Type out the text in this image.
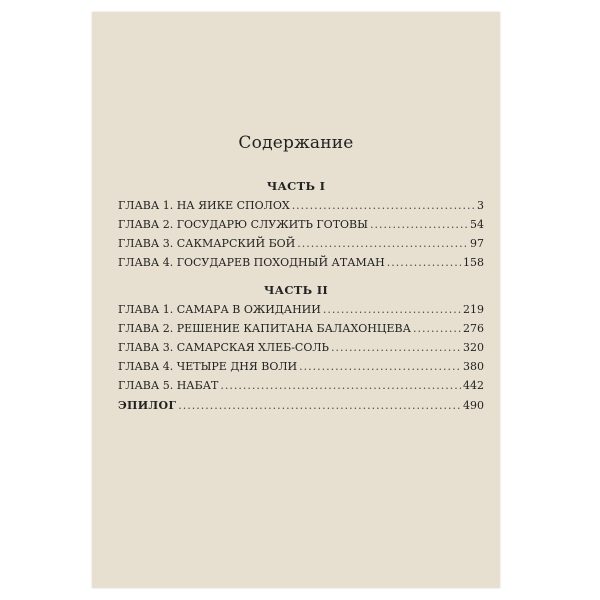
Содержание
ЧАСТЬ I
ГЛАВА 1. НА ЯИКЕ СПОЛОХ .....	3
ГЛАВА 2. ГОСУДАРЮ СЛУЖИТЬ ГОТОВЫ .....	54
ГЛАВА 3. САКМАРСКИЙ БОЙ .....	97
ГЛАВА 4. ГОСУДАРЕВ ПОХОДНЫЙ АТАМАН .....	158
ЧАСТЬ II
ГЛАВА 1. САМАРА В ОЖИДАНИИ .....	219
ГЛАВА 2. РЕШЕНИЕ КАПИТАНА БАЛАХОНЦЕВА .....	276
ГЛАВА 3. САМАРСКАЯ ХЛЕБ-СОЛЬ .....	320
ГЛАВА 4. ЧЕТЫРЕ ДНЯ ВОЛИ .....	380
ГЛАВА 5. НАБАТ .....	442
ЭПИЛОГ .....	490
